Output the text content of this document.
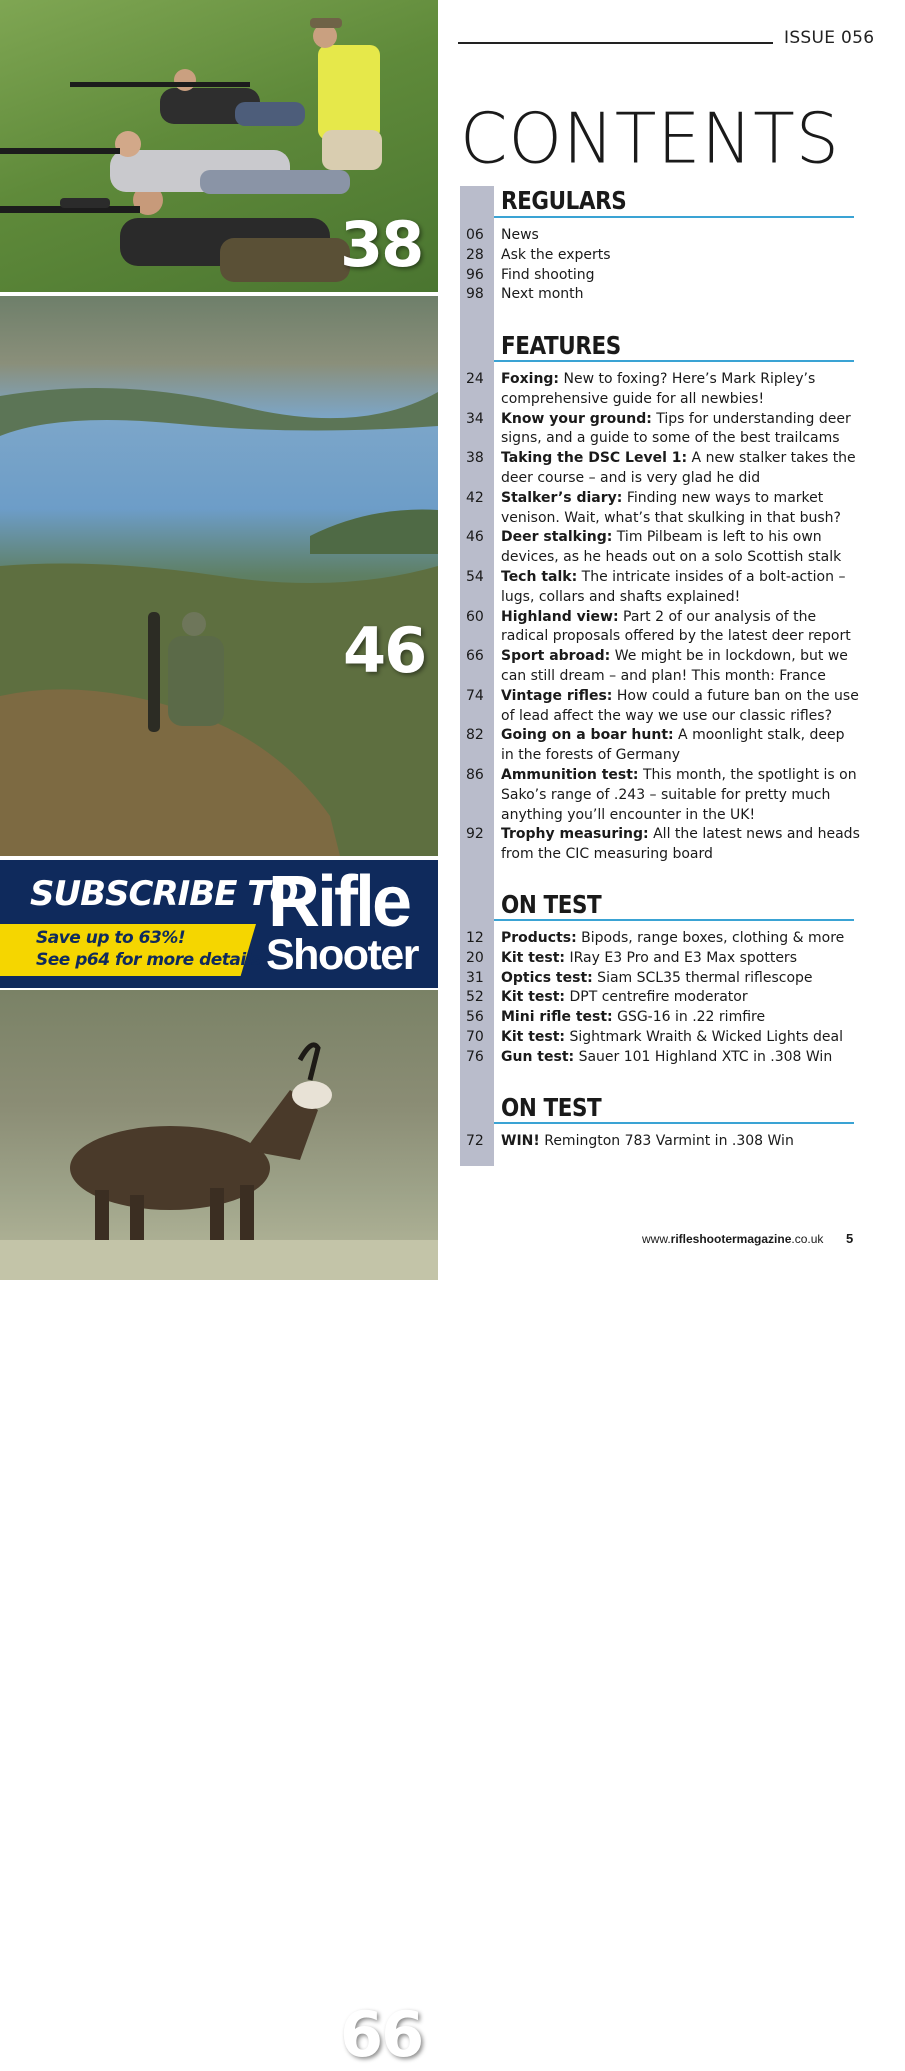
38
46
SUBSCRIBE TO
Save up to 63%!
See p64 for more details
Rifle
Shooter
66
ISSUE 056
CONTENTS
REGULARS
06	News
28	Ask the experts
96	Find shooting
98	Next month
FEATURES
24	Foxing: New to foxing? Here’s Mark Ripley’s comprehensive guide for all newbies!
34	Know your ground: Tips for understanding deer signs, and a guide to some of the best trailcams
38	Taking the DSC Level 1: A new stalker takes the deer course – and is very glad he did
42	Stalker’s diary: Finding new ways to market venison. Wait, what’s that skulking in that bush?
46	Deer stalking: Tim Pilbeam is left to his own devices, as he heads out on a solo Scottish stalk
54	Tech talk: The intricate insides of a bolt-action – lugs, collars and shafts explained!
60	Highland view: Part 2 of our analysis of the radical proposals offered by the latest deer report
66	Sport abroad: We might be in lockdown, but we can still dream – and plan! This month: France
74	Vintage rifles: How could a future ban on the use of lead affect the way we use our classic rifles?
82	Going on a boar hunt: A moonlight stalk, deep in the forests of Germany
86	Ammunition test: This month, the spotlight is on Sako’s range of .243 – suitable for pretty much anything you’ll encounter in the UK!
92	Trophy measuring: All the latest news and heads from the CIC measuring board
ON TEST
12	Products: Bipods, range boxes, clothing & more
20	Kit test: IRay E3 Pro and E3 Max spotters
31	Optics test: Siam SCL35 thermal riflescope
52	Kit test: DPT centrefire moderator
56	Mini rifle test: GSG-16 in .22 rimfire
70	Kit test: Sightmark Wraith & Wicked Lights deal
76	Gun test: Sauer 101 Highland XTC in .308 Win
ON TEST
72	WIN! Remington 783 Varmint in .308 Win
www.rifleshootermagazine.co.uk 5
